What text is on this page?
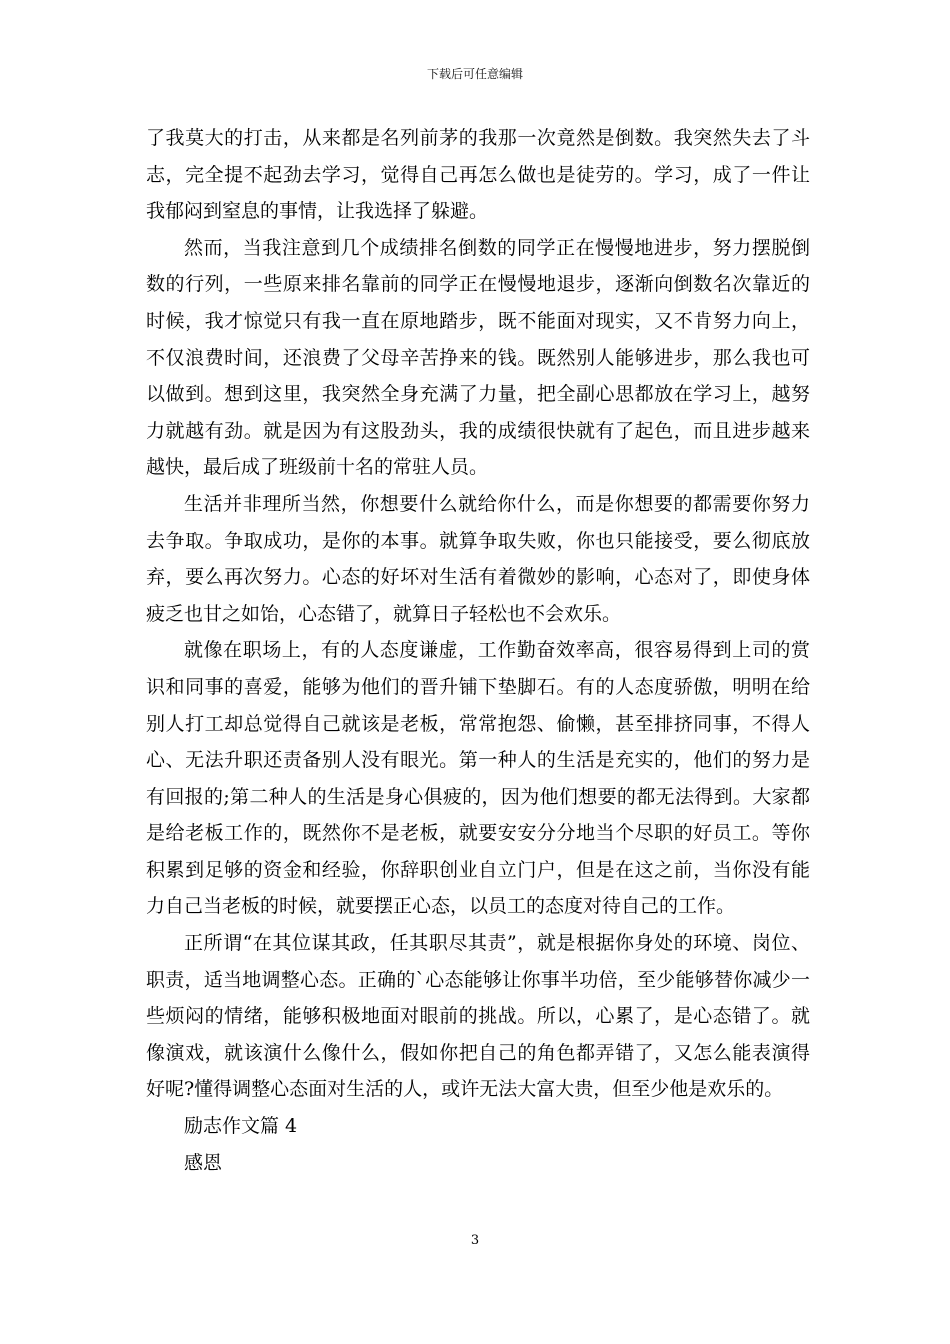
下载后可任意编辑

了我莫大的打击，从来都是名列前茅的我那一次竟然是倒数。我突然失去了斗志，完全提不起劲去学习，觉得自己再怎么做也是徒劳的。学习，成了一件让我郁闷到窒息的事情，让我选择了躲避。

然而，当我注意到几个成绩排名倒数的同学正在慢慢地进步，努力摆脱倒数的行列，一些原来排名靠前的同学正在慢慢地退步，逐渐向倒数名次靠近的时候，我才惊觉只有我一直在原地踏步，既不能面对现实，又不肯努力向上，不仅浪费时间，还浪费了父母辛苦挣来的钱。既然别人能够进步，那么我也可以做到。想到这里，我突然全身充满了力量，把全副心思都放在学习上，越努力就越有劲。就是因为有这股劲头，我的成绩很快就有了起色，而且进步越来越快，最后成了班级前十名的常驻人员。

生活并非理所当然，你想要什么就给你什么，而是你想要的都需要你努力去争取。争取成功，是你的本事。就算争取失败，你也只能接受，要么彻底放弃，要么再次努力。心态的好坏对生活有着微妙的影响，心态对了，即使身体疲乏也甘之如饴，心态错了，就算日子轻松也不会欢乐。

就像在职场上，有的人态度谦虚，工作勤奋效率高，很容易得到上司的赏识和同事的喜爱，能够为他们的晋升铺下垫脚石。有的人态度骄傲，明明在给别人打工却总觉得自己就该是老板，常常抱怨、偷懒，甚至排挤同事，不得人心、无法升职还责备别人没有眼光。第一种人的生活是充实的，他们的努力是有回报的;第二种人的生活是身心俱疲的，因为他们想要的都无法得到。大家都是给老板工作的，既然你不是老板，就要安安分分地当个尽职的好员工。等你积累到足够的资金和经验，你辞职创业自立门户，但是在这之前，当你没有能力自己当老板的时候，就要摆正心态，以员工的态度对待自己的工作。

正所谓“在其位谋其政，任其职尽其责”，就是根据你身处的环境、岗位、职责，适当地调整心态。正确的`心态能够让你事半功倍，至少能够替你减少一些烦闷的情绪，能够积极地面对眼前的挑战。所以，心累了，是心态错了。就像演戏，就该演什么像什么，假如你把自己的角色都弄错了，又怎么能表演得好呢?懂得调整心态面对生活的人，或许无法大富大贵，但至少他是欢乐的。

励志作文篇 4

感恩

3
